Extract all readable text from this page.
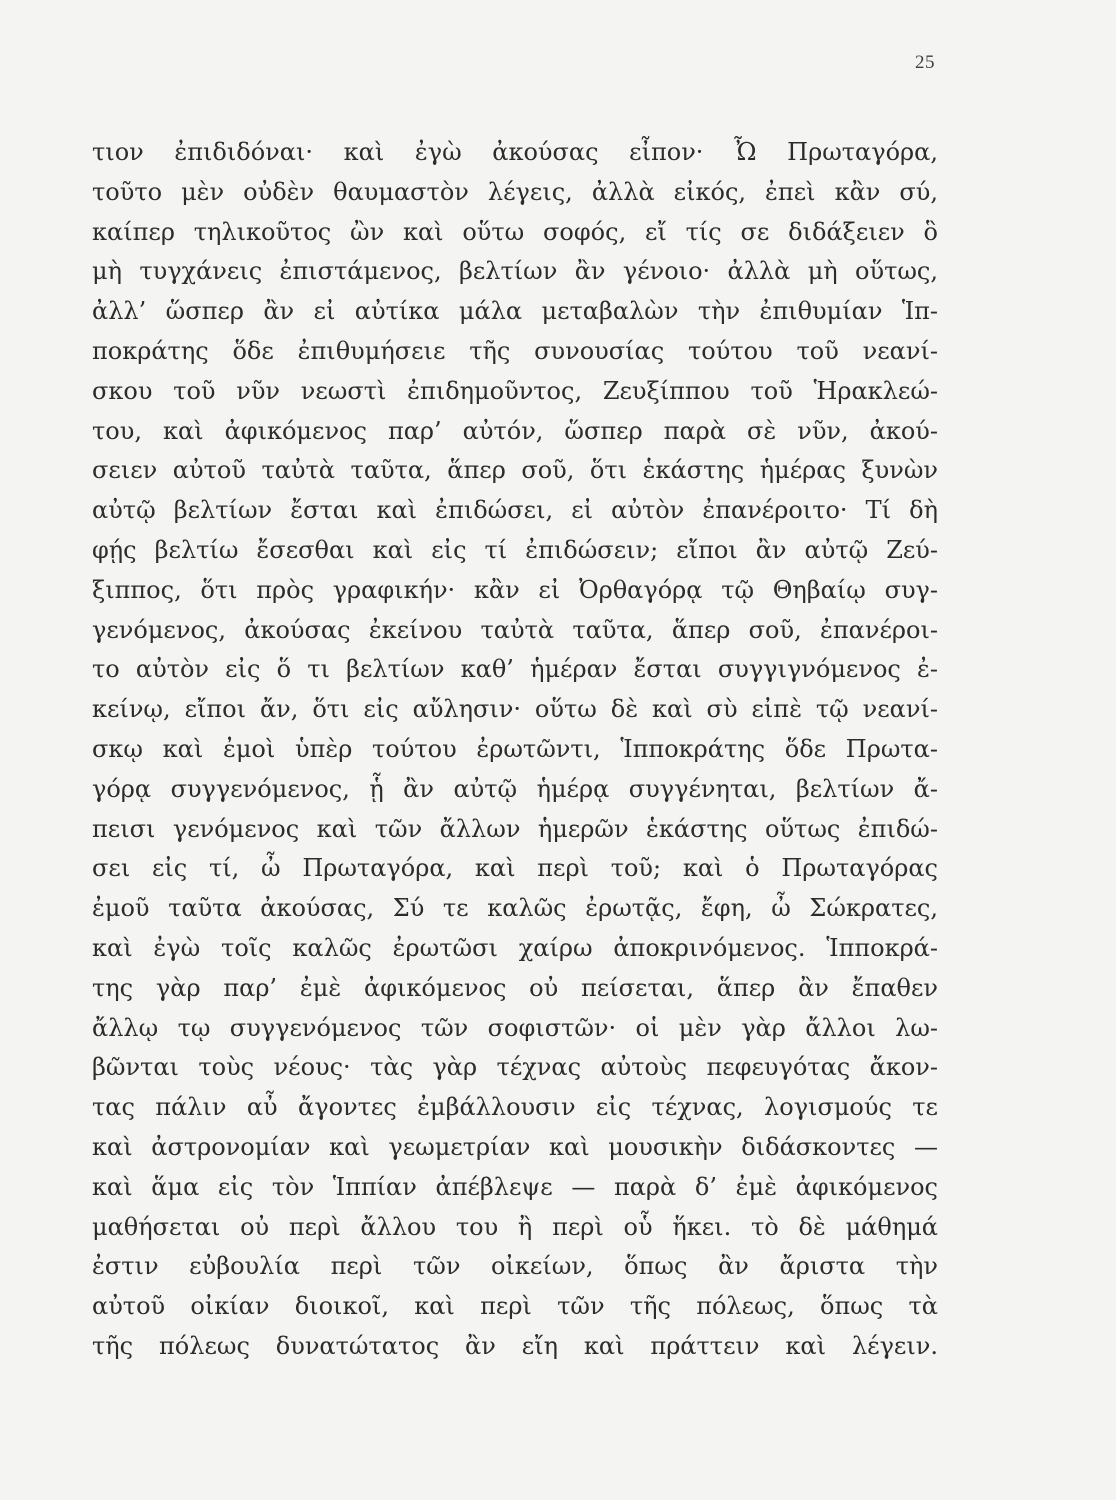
25
τιον ἐπιδιδόναι· καὶ ἐγὼ ἀκούσας εἶπον· Ὦ Πρωταγόρα,
τοῦτο μὲν οὐδὲν θαυμαστὸν λέγεις, ἀλλὰ εἰκός, ἐπεὶ κἂν σύ,
καίπερ τηλικοῦτος ὢν καὶ οὕτω σοφός, εἴ τίς σε διδάξειεν ὃ
μὴ τυγχάνεις ἐπιστάμενος, βελτίων ἂν γένοιο· ἀλλὰ μὴ οὕτως,
ἀλλ’ ὥσπερ ἂν εἰ αὐτίκα μάλα μεταβαλὼν τὴν ἐπιθυμίαν Ἱπ-
ποκράτης ὅδε ἐπιθυμήσειε τῆς συνουσίας τούτου τοῦ νεανί-
σκου τοῦ νῦν νεωστὶ ἐπιδημοῦντος, Ζευξίππου τοῦ Ἡρακλεώ-
του, καὶ ἀφικόμενος παρ’ αὐτόν, ὥσπερ παρὰ σὲ νῦν, ἀκού-
σειεν αὐτοῦ ταὐτὰ ταῦτα, ἅπερ σοῦ, ὅτι ἑκάστης ἡμέρας ξυνὼν
αὐτῷ βελτίων ἔσται καὶ ἐπιδώσει, εἰ αὐτὸν ἐπανέροιτο· Τί δὴ
φῄς βελτίω ἔσεσθαι καὶ εἰς τί ἐπιδώσειν; εἴποι ἂν αὐτῷ Ζεύ-
ξιππος, ὅτι πρὸς γραφικήν· κἂν εἰ Ὀρθαγόρᾳ τῷ Θηβαίῳ συγ-
γενόμενος, ἀκούσας ἐκείνου ταὐτὰ ταῦτα, ἅπερ σοῦ, ἐπανέροι-
το αὐτὸν εἰς ὅ τι βελτίων καθ’ ἡμέραν ἔσται συγγιγνόμενος ἐ-
κείνῳ, εἴποι ἄν, ὅτι εἰς αὔλησιν· οὕτω δὲ καὶ σὺ εἰπὲ τῷ νεανί-
σκῳ καὶ ἐμοὶ ὑπὲρ τούτου ἐρωτῶντι, Ἱπποκράτης ὅδε Πρωτα-
γόρᾳ συγγενόμενος, ᾗ ἂν αὐτῷ ἡμέρᾳ συγγένηται, βελτίων ἄ-
πεισι γενόμενος καὶ τῶν ἄλλων ἡμερῶν ἑκάστης οὕτως ἐπιδώ-
σει εἰς τί, ὦ Πρωταγόρα, καὶ περὶ τοῦ; καὶ ὁ Πρωταγόρας
ἐμοῦ ταῦτα ἀκούσας, Σύ τε καλῶς ἐρωτᾷς, ἔφη, ὦ Σώκρατες,
καὶ ἐγὼ τοῖς καλῶς ἐρωτῶσι χαίρω ἀποκρινόμενος. Ἱπποκρά-
της γὰρ παρ’ ἐμὲ ἀφικόμενος οὐ πείσεται, ἅπερ ἂν ἔπαθεν
ἄλλῳ τῳ συγγενόμενος τῶν σοφιστῶν· οἱ μὲν γὰρ ἄλλοι λω-
βῶνται τοὺς νέους· τὰς γὰρ τέχνας αὐτοὺς πεφευγότας ἄκον-
τας πάλιν αὖ ἄγοντες ἐμβάλλουσιν εἰς τέχνας, λογισμούς τε
καὶ ἀστρονομίαν καὶ γεωμετρίαν καὶ μουσικὴν διδάσκοντες —
καὶ ἅμα εἰς τὸν Ἱππίαν ἀπέβλεψε — παρὰ δ’ ἐμὲ ἀφικόμενος
μαθήσεται οὐ περὶ ἄλλου του ἢ περὶ οὗ ἥκει. τὸ δὲ μάθημά
ἐστιν εὐβουλία περὶ τῶν οἰκείων, ὅπως ἂν ἄριστα τὴν
αὐτοῦ οἰκίαν διοικοῖ, καὶ περὶ τῶν τῆς πόλεως, ὅπως τὰ
τῆς πόλεως δυνατώτατος ἂν εἴη καὶ πράττειν καὶ λέγειν.
